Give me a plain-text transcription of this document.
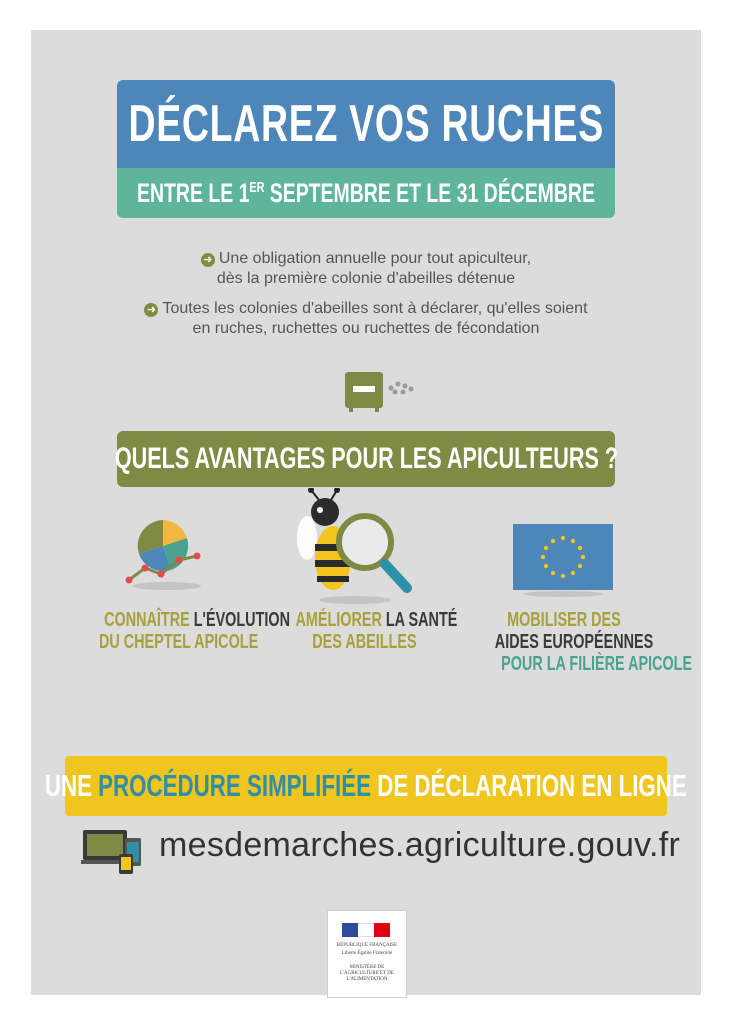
DÉCLAREZ VOS RUCHES
ENTRE LE 1ER SEPTEMBRE ET LE 31 DÉCEMBRE
➜ Une obligation annuelle pour tout apiculteur,
dès la première colonie d'abeilles détenue
➜ Toutes les colonies d'abeilles sont à déclarer, qu'elles soient
en ruches, ruchettes ou ruchettes de fécondation
QUELS AVANTAGES POUR LES APICULTEURS ?
CONNAÎTRE L'ÉVOLUTION
DU CHEPTEL APICOLE
AMÉLIORER LA SANTÉ
DES ABEILLES
MOBILISER DES
AIDES EUROPÉENNES
POUR LA FILIÈRE APICOLE
UNE PROCÉDURE SIMPLIFIÉE DE DÉCLARATION EN LIGNE
mesdemarches.agriculture.gouv.fr
RÉPUBLIQUE FRANÇAISE
Liberté Égalité Fraternité
MINISTÈRE DE L'AGRICULTURE ET DE L'ALIMENTATION
